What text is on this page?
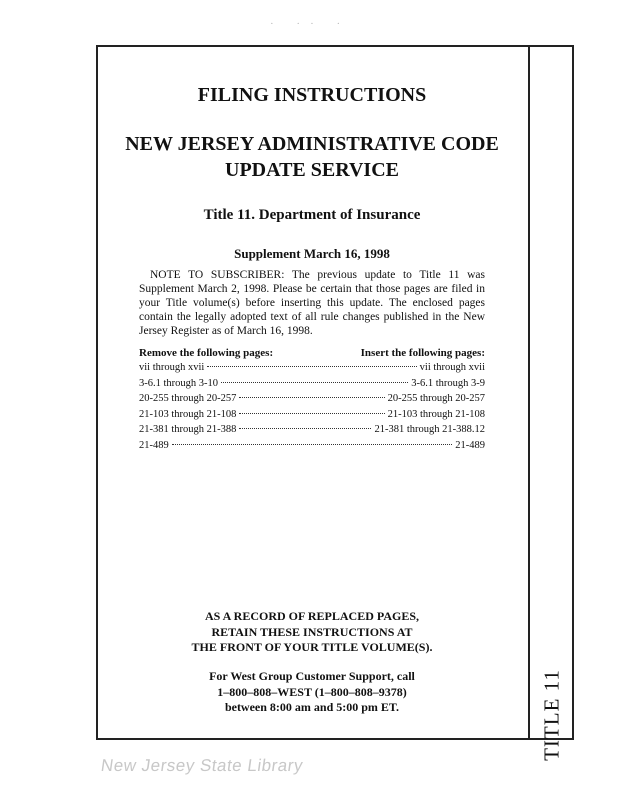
· ·· ·
TITLE 11
FILING INSTRUCTIONS
NEW JERSEY ADMINISTRATIVE CODE
UPDATE SERVICE
Title 11. Department of Insurance
Supplement March 16, 1998
NOTE TO SUBSCRIBER: The previous update to Title 11 was Supplement March 2, 1998. Please be certain that those pages are filed in your Title volume(s) before inserting this update. The enclosed pages contain the legally adopted text of all rule changes published in the New Jersey Register as of March 16, 1998.
Remove the following pages:	Insert the following pages:
vii through xvii	vii through xvii
3-6.1 through 3-10	3-6.1 through 3-9
20-255 through 20-257	20-255 through 20-257
21-103 through 21-108	21-103 through 21-108
21-381 through 21-388	21-381 through 21-388.12
21-489	21-489
AS A RECORD OF REPLACED PAGES,
RETAIN THESE INSTRUCTIONS AT
THE FRONT OF YOUR TITLE VOLUME(S).
For West Group Customer Support, call
1–800–808–WEST (1–800–808–9378)
between 8:00 am and 5:00 pm ET.
New Jersey State Library
